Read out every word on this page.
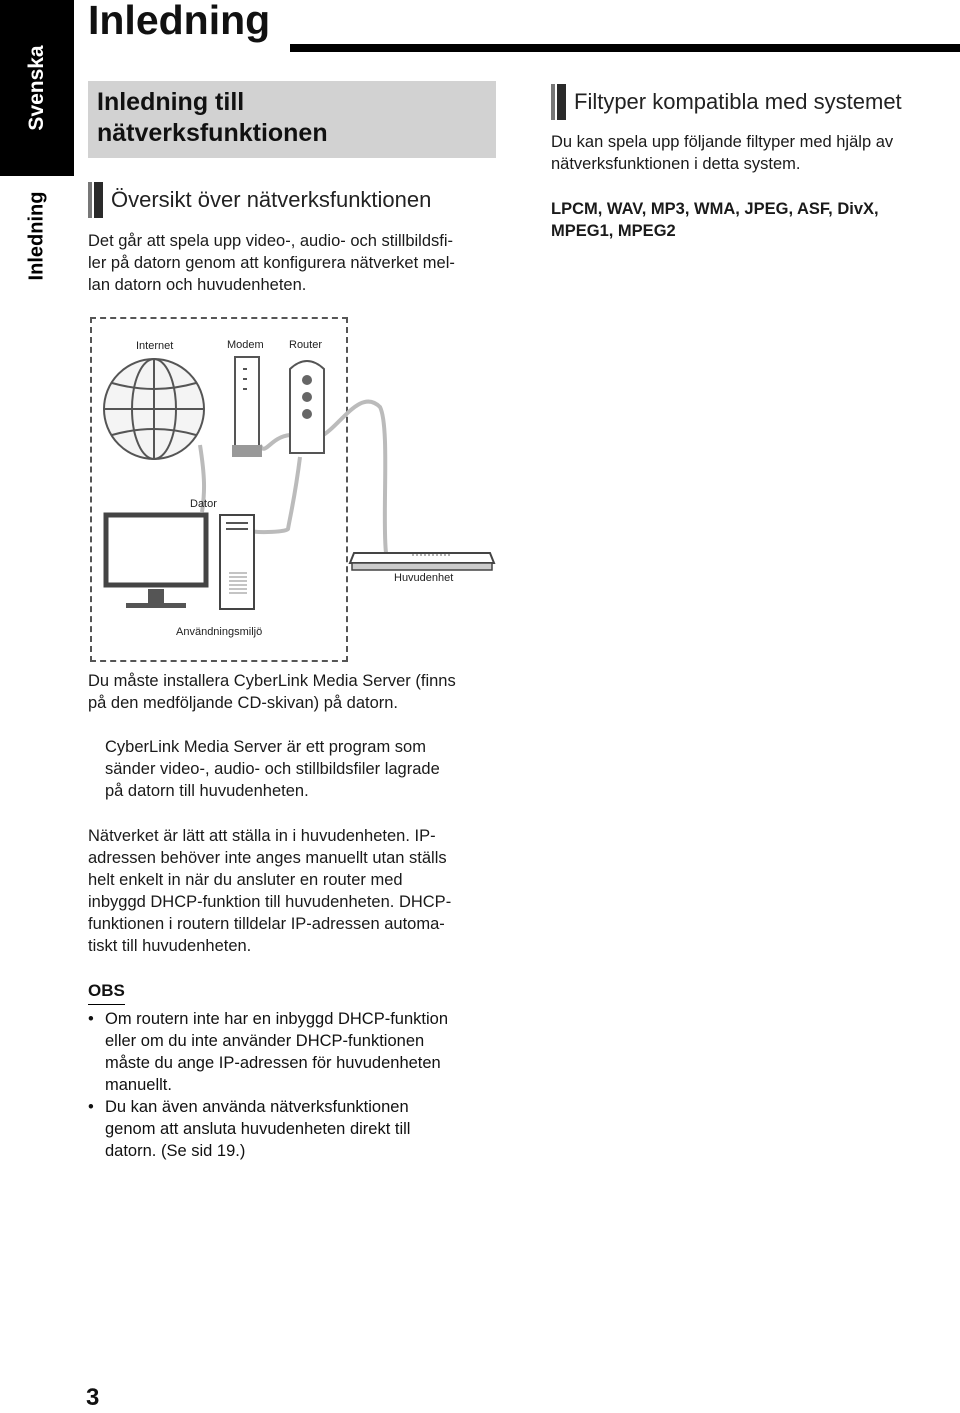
Svenska
Inledning
Inledning
Inledning till
nätverksfunktionen
Översikt över nätverksfunktionen
Det går att spela upp video-, audio- och stillbildsfi-
ler på datorn genom att konfigurera nätverket mel-
lan datorn och huvudenheten.
Filtyper kompatibla med systemet
Du kan spela upp följande filtyper med hjälp av
nätverksfunktionen i detta system.
LPCM, WAV, MP3, WMA, JPEG, ASF, DivX,
MPEG1, MPEG2
Internet	Modem Router
Dator
Huvudenhet
Användningsmiljö
Du måste installera CyberLink Media Server (finns
på den medföljande CD-skivan) på datorn.
CyberLink Media Server är ett program som
sänder video-, audio- och stillbildsfiler lagrade
på datorn till huvudenheten.
Nätverket är lätt att ställa in i huvudenheten. IP-
adressen behöver inte anges manuellt utan ställs
helt enkelt in när du ansluter en router med
inbyggd DHCP-funktion till huvudenheten. DHCP-
funktionen i routern tilldelar IP-adressen automa-
tiskt till huvudenheten.
OBS
• Om routern inte har en inbyggd DHCP-funktion
eller om du inte använder DHCP-funktionen
måste du ange IP-adressen för huvudenheten
manuellt.
• Du kan även använda nätverksfunktionen
genom att ansluta huvudenheten direkt till
datorn. (Se sid 19.)
3
